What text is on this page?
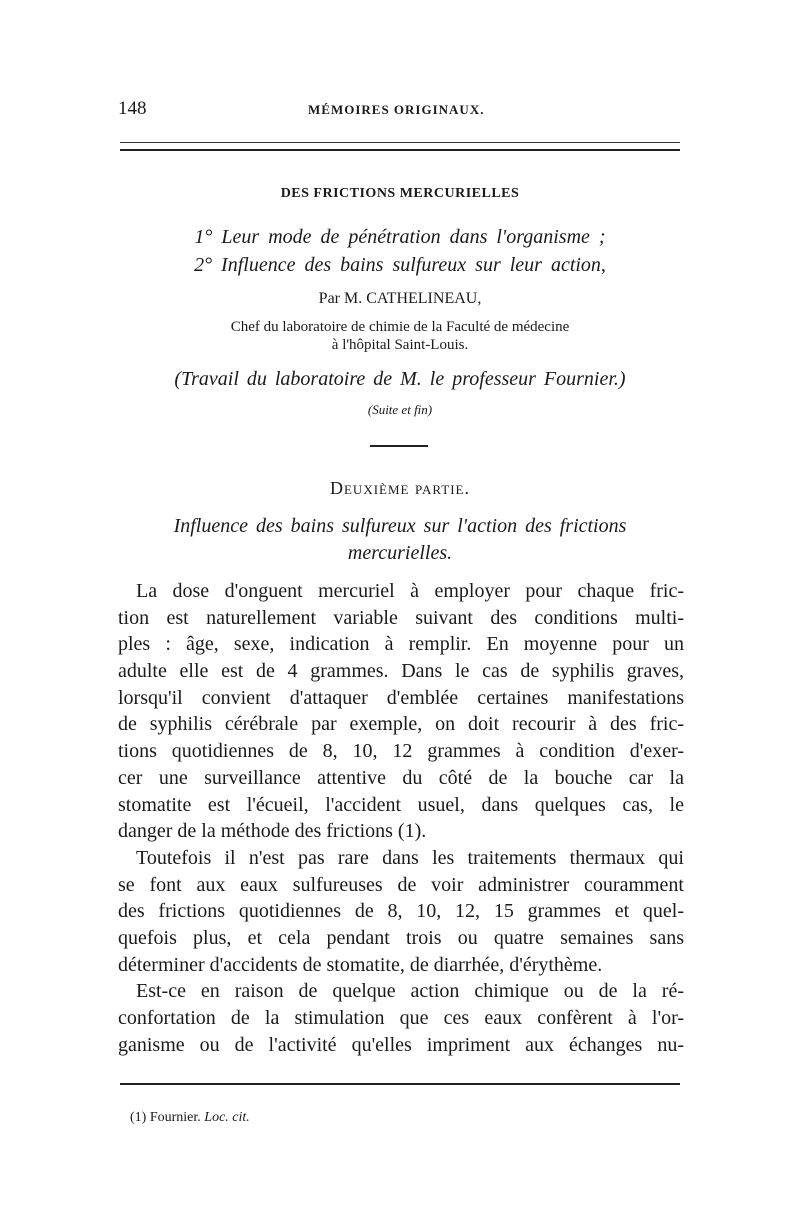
148	MÉMOIRES ORIGINAUX.
DES FRICTIONS MERCURIELLES
1° Leur mode de pénétration dans l'organisme ;
2° Influence des bains sulfureux sur leur action,
Par M. CATHELINEAU,
Chef du laboratoire de chimie de la Faculté de médecine
à l'hôpital Saint-Louis.
(Travail du laboratoire de M. le professeur Fournier.)
(Suite et fin)
Deuxième partie.
Influence des bains sulfureux sur l'action des frictions
mercurielles.
La dose d'onguent mercuriel à employer pour chaque fric-
tion est naturellement variable suivant des conditions multi-
ples : âge, sexe, indication à remplir. En moyenne pour un
adulte elle est de 4 grammes. Dans le cas de syphilis graves,
lorsqu'il convient d'attaquer d'emblée certaines manifestations
de syphilis cérébrale par exemple, on doit recourir à des fric-
tions quotidiennes de 8, 10, 12 grammes à condition d'exer-
cer une surveillance attentive du côté de la bouche car la
stomatite est l'écueil, l'accident usuel, dans quelques cas, le
danger de la méthode des frictions (1).
Toutefois il n'est pas rare dans les traitements thermaux qui
se font aux eaux sulfureuses de voir administrer couramment
des frictions quotidiennes de 8, 10, 12, 15 grammes et quel-
quefois plus, et cela pendant trois ou quatre semaines sans
déterminer d'accidents de stomatite, de diarrhée, d'érythème.
Est-ce en raison de quelque action chimique ou de la ré-
confortation de la stimulation que ces eaux confèrent à l'or-
ganisme ou de l'activité qu'elles impriment aux échanges nu-
(1) Fournier. Loc. cit.
